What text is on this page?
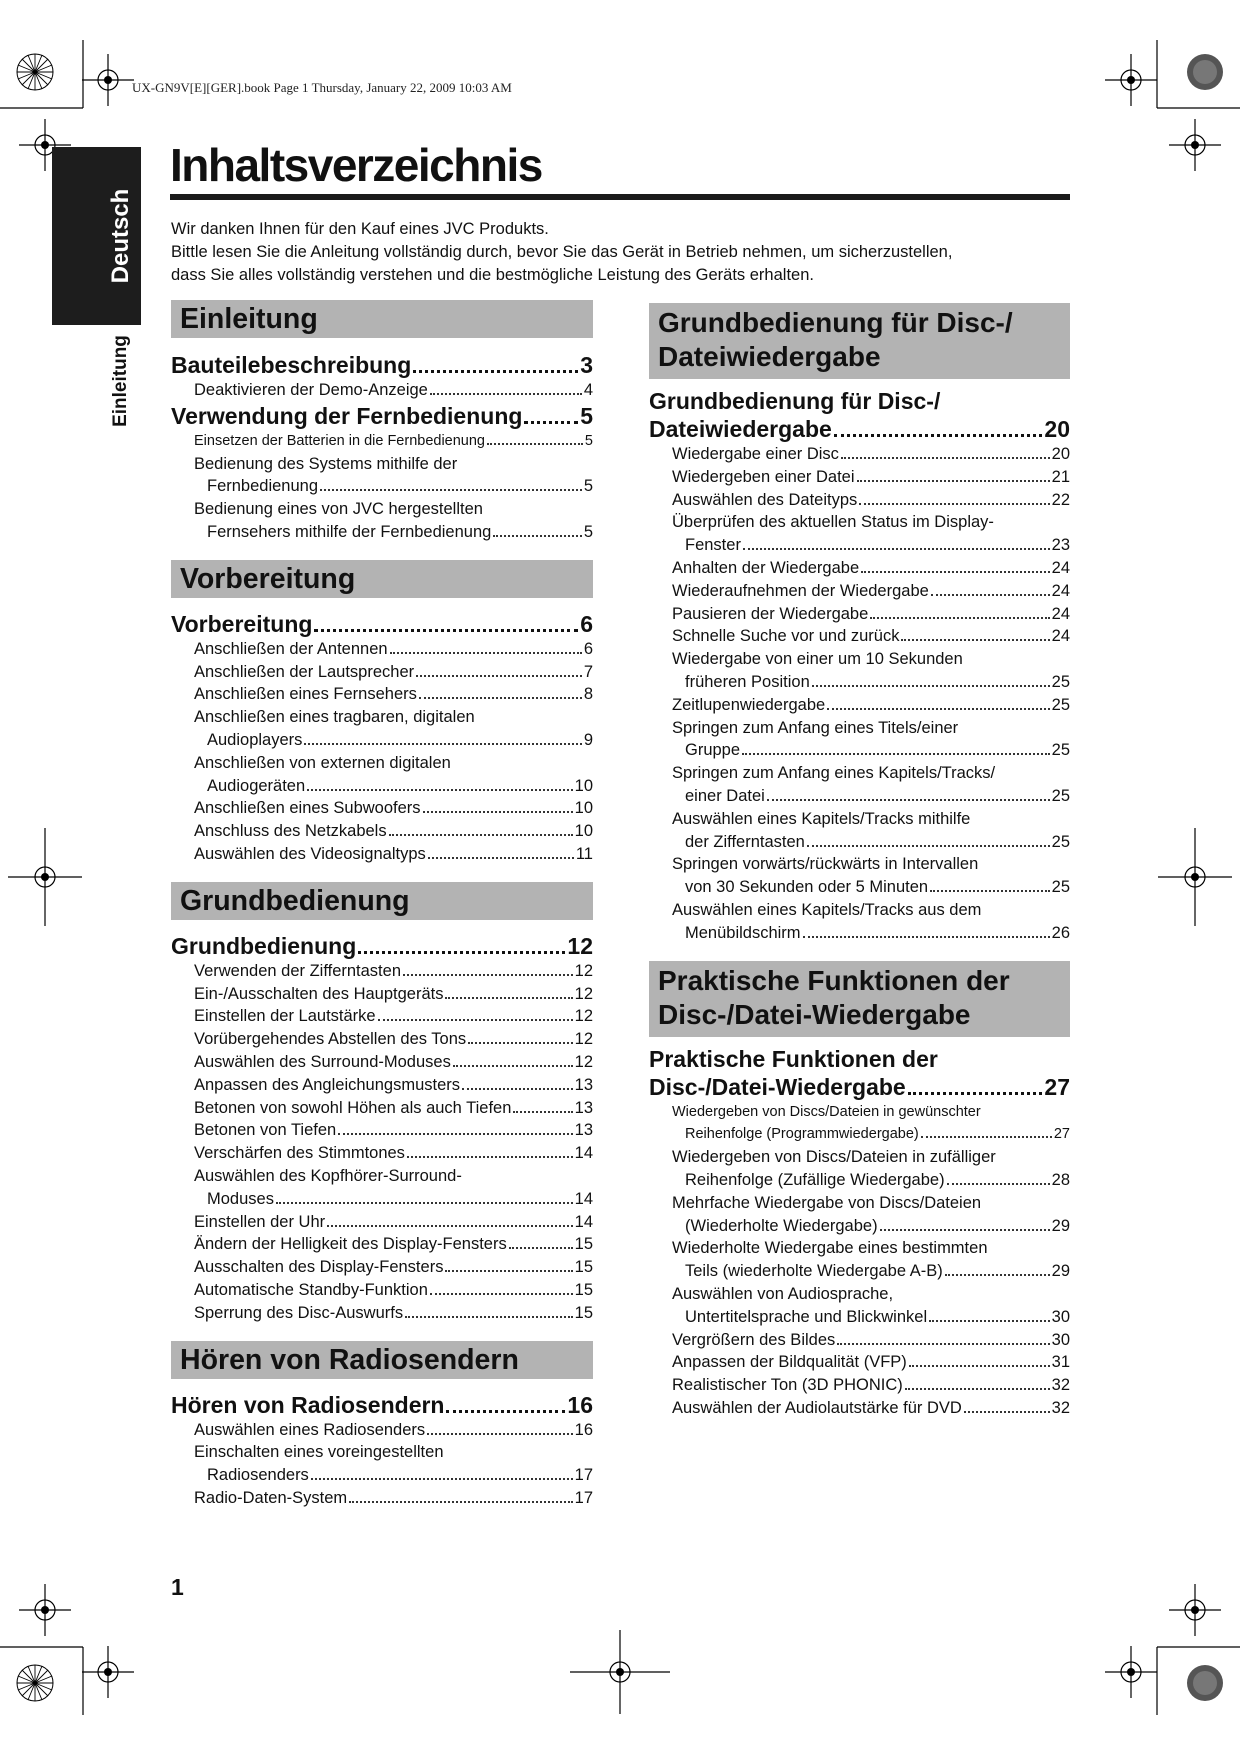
UX-GN9V[E][GER].book Page 1 Thursday, January 22, 2009 10:03 AM
Deutsch
Einleitung
Inhaltsverzeichnis
Wir danken Ihnen für den Kauf eines JVC Produkts.
Bittle lesen Sie die Anleitung vollständig durch, bevor Sie das Gerät in Betrieb nehmen, um sicherzustellen,
dass Sie alles vollständig verstehen und die bestmögliche Leistung des Geräts erhalten.
Einleitung
Bauteilebeschreibung	3
Deaktivieren der Demo-Anzeige	4
Verwendung der Fernbedienung	5
Einsetzen der Batterien in die Fernbedienung	5
Bedienung des Systems mithilfe der
Fernbedienung	5
Bedienung eines von JVC hergestellten
Fernsehers mithilfe der Fernbedienung	5
Vorbereitung
Vorbereitung	6
Anschließen der Antennen	6
Anschließen der Lautsprecher	7
Anschließen eines Fernsehers	8
Anschließen eines tragbaren, digitalen
Audioplayers	9
Anschließen von externen digitalen
Audiogeräten	10
Anschließen eines Subwoofers	10
Anschluss des Netzkabels	10
Auswählen des Videosignaltyps	11
Grundbedienung
Grundbedienung	12
Verwenden der Zifferntasten	12
Ein-/Ausschalten des Hauptgeräts	12
Einstellen der Lautstärke	12
Vorübergehendes Abstellen des Tons	12
Auswählen des Surround-Moduses	12
Anpassen des Angleichungsmusters	13
Betonen von sowohl Höhen als auch Tiefen	13
Betonen von Tiefen	13
Verschärfen des Stimmtones	14
Auswählen des Kopfhörer-Surround-
Moduses	14
Einstellen der Uhr	14
Ändern der Helligkeit des Display-Fensters	15
Ausschalten des Display-Fensters	15
Automatische Standby-Funktion	15
Sperrung des Disc-Auswurfs	15
Hören von Radiosendern
Hören von Radiosendern	16
Auswählen eines Radiosenders	16
Einschalten eines voreingestellten
Radiosenders	17
Radio-Daten-System	17
Grundbedienung für Disc-/
Dateiwiedergabe
Grundbedienung für Disc-/
Dateiwiedergabe	20
Wiedergabe einer Disc	20
Wiedergeben einer Datei	21
Auswählen des Dateityps	22
Überprüfen des aktuellen Status im Display-
Fenster	23
Anhalten der Wiedergabe	24
Wiederaufnehmen der Wiedergabe	24
Pausieren der Wiedergabe	24
Schnelle Suche vor und zurück	24
Wiedergabe von einer um 10 Sekunden
früheren Position	25
Zeitlupenwiedergabe	25
Springen zum Anfang eines Titels/einer
Gruppe	25
Springen zum Anfang eines Kapitels/Tracks/
einer Datei	25
Auswählen eines Kapitels/Tracks mithilfe
der Zifferntasten	25
Springen vorwärts/rückwärts in Intervallen
von 30 Sekunden oder 5 Minuten	25
Auswählen eines Kapitels/Tracks aus dem
Menübildschirm	26
Praktische Funktionen der
Disc-/Datei-Wiedergabe
Praktische Funktionen der
Disc-/Datei-Wiedergabe	27
Wiedergeben von Discs/Dateien in gewünschter
Reihenfolge (Programmwiedergabe)	27
Wiedergeben von Discs/Dateien in zufälliger
Reihenfolge (Zufällige Wiedergabe)	28
Mehrfache Wiedergabe von Discs/Dateien
(Wiederholte Wiedergabe)	29
Wiederholte Wiedergabe eines bestimmten
Teils (wiederholte Wiedergabe A-B)	29
Auswählen von Audiosprache,
Untertitelsprache und Blickwinkel	30
Vergrößern des Bildes	30
Anpassen der Bildqualität (VFP)	31
Realistischer Ton (3D PHONIC)	32
Auswählen der Audiolautstärke für DVD	32
1
